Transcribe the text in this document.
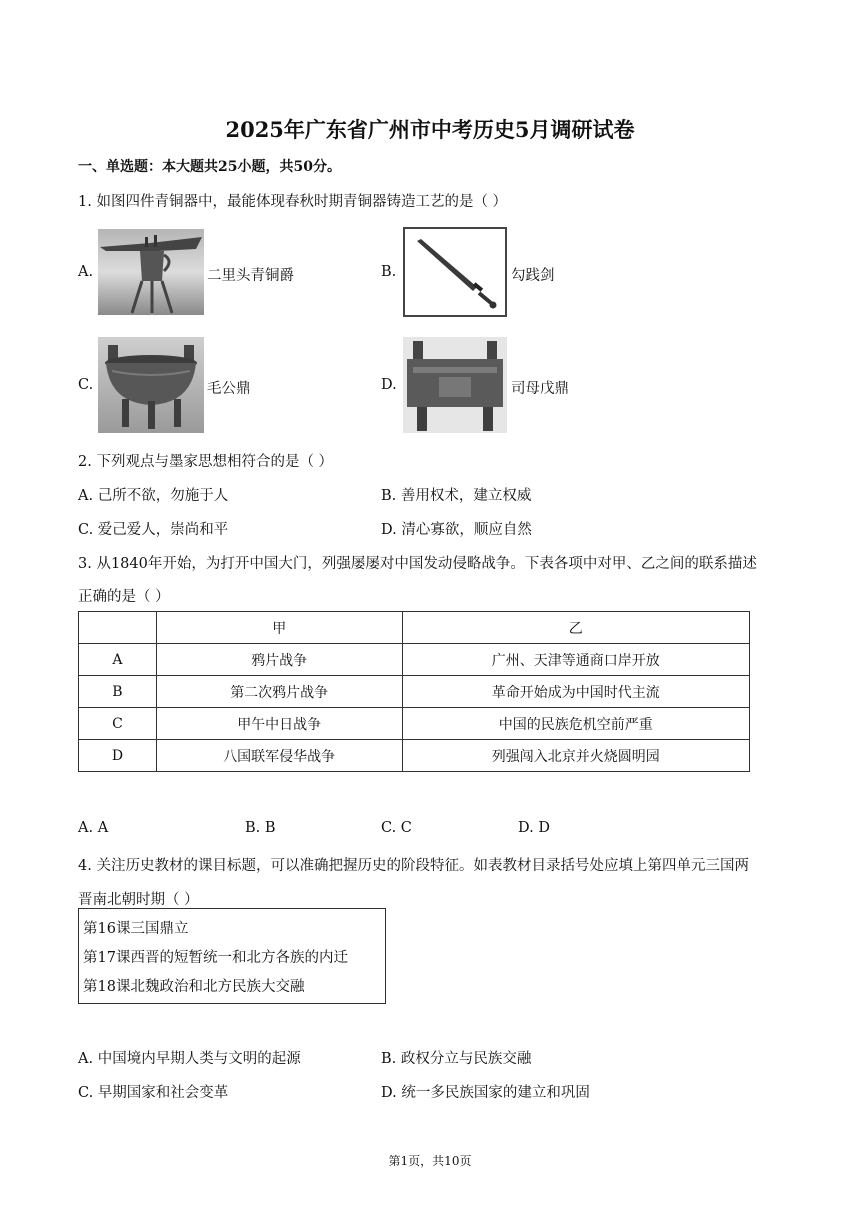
2025年广东省广州市中考历史5月调研试卷
一、单选题：本大题共25小题，共50分。
1. 如图四件青铜器中，最能体现春秋时期青铜器铸造工艺的是（ ）
A.	二里头青铜爵	B.	勾践剑
C.	毛公鼎	D.	司母戊鼎
2. 下列观点与墨家思想相符合的是（ ）
A. 己所不欲，勿施于人	B. 善用权术，建立权威
C. 爱己爱人，崇尚和平	D. 清心寡欲，顺应自然
3. 从1840年开始，为打开中国大门，列强屡屡对中国发动侵略战争。下表各项中对甲、乙之间的联系描述
正确的是（ ）
	甲	乙
A	鸦片战争	广州、天津等通商口岸开放
B	第二次鸦片战争	革命开始成为中国时代主流
C	甲午中日战争	中国的民族危机空前严重
D	八国联军侵华战争	列强闯入北京并火烧圆明园
A. A	B. B	C. C	D. D
4. 关注历史教材的课目标题，可以准确把握历史的阶段特征。如表教材目录括号处应填上第四单元三国两
晋南北朝时期（ ）
第16课三国鼎立
第17课西晋的短暂统一和北方各族的内迁
第18课北魏政治和北方民族大交融
A. 中国境内早期人类与文明的起源	B. 政权分立与民族交融
C. 早期国家和社会变革	D. 统一多民族国家的建立和巩固
第1页，共10页
